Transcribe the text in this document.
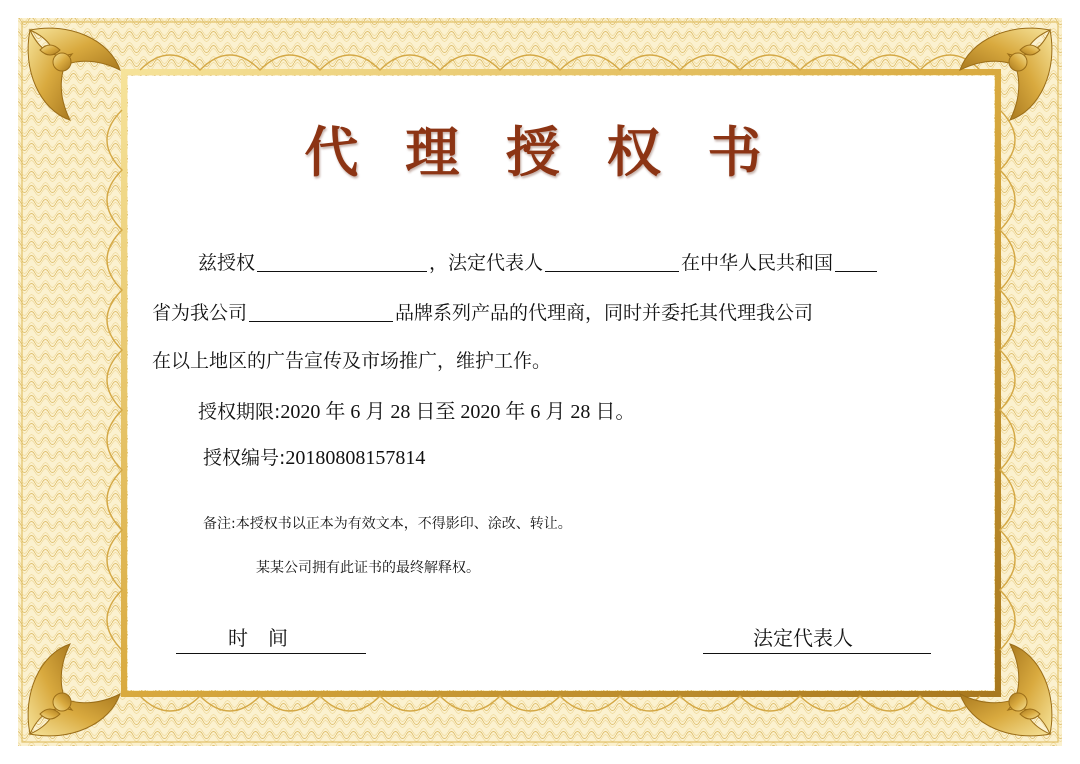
代 理 授 权 书
兹授权	，法定代表人	在中华人民共和国
省为我公司	品牌系列产品的代理商，同时并委托其代理我公司
在以上地区的广告宣传及市场推广，维护工作。
授权期限:2020 年 6 月 28 日至 2020 年 6 月 28 日。
授权编号:20180808157814
备注:本授权书以正本为有效文本，不得影印、涂改、转让。
某某公司拥有此证书的最终解释权。
时　间	法定代表人
